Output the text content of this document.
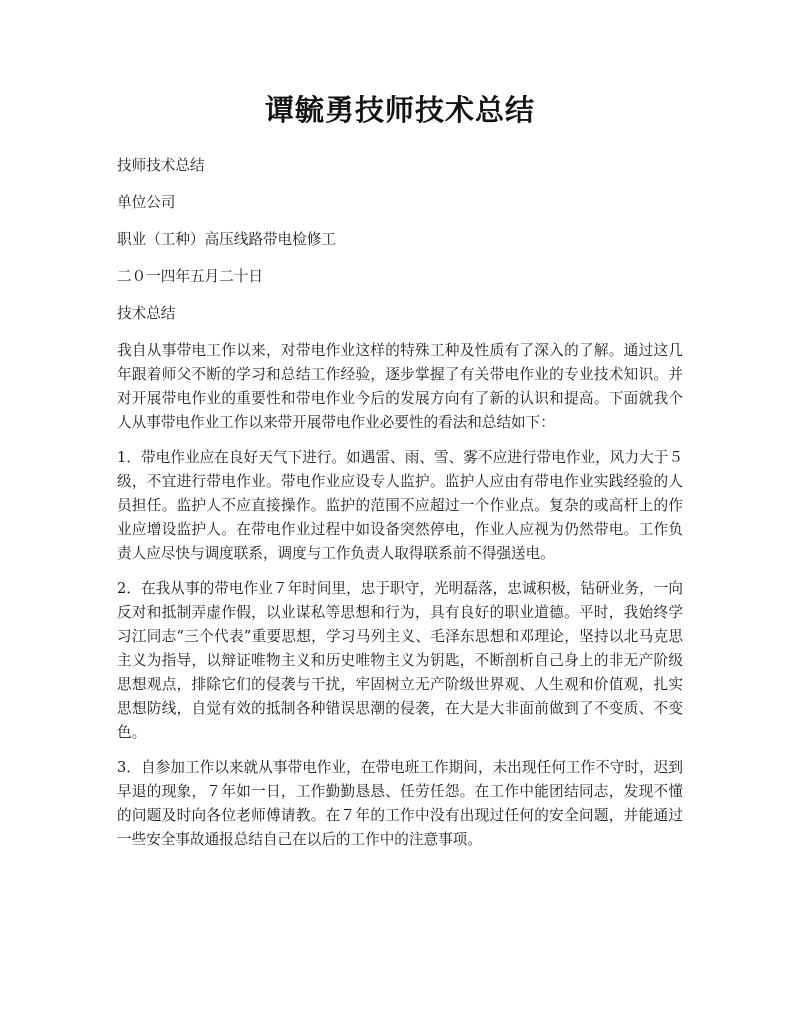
谭毓勇技师技术总结

技师技术总结

单位公司

职业（工种）高压线路带电检修工

二０一四年五月二十日

技术总结

我自从事带电工作以来，对带电作业这样的特殊工种及性质有了深入的了解。通过这几年跟着师父不断的学习和总结工作经验，逐步掌握了有关带电作业的专业技术知识。并对开展带电作业的重要性和带电作业今后的发展方向有了新的认识和提高。下面就我个人从事带电作业工作以来带开展带电作业必要性的看法和总结如下：

1．带电作业应在良好天气下进行。如遇雷、雨、雪、雾不应进行带电作业，风力大于５级，不宜进行带电作业。带电作业应设专人监护。监护人应由有带电作业实践经验的人员担任。监护人不应直接操作。监护的范围不应超过一个作业点。复杂的或高杆上的作业应增设监护人。在带电作业过程中如设备突然停电，作业人应视为仍然带电。工作负责人应尽快与调度联系，调度与工作负责人取得联系前不得强送电。

2．在我从事的带电作业７年时间里，忠于职守，光明磊落，忠诚积极，钻研业务，一向反对和抵制弄虚作假，以业谋私等思想和行为，具有良好的职业道德。平时，我始终学习江同志“三个代表”重要思想，学习马列主义、毛泽东思想和邓理论，坚持以北马克思主义为指导，以辩证唯物主义和历史唯物主义为钥匙，不断剖析自己身上的非无产阶级思想观点，排除它们的侵袭与干扰，牢固树立无产阶级世界观、人生观和价值观，扎实思想防线，自觉有效的抵制各种错误思潮的侵袭，在大是大非面前做到了不变质、不变色。

3．自参加工作以来就从事带电作业，在带电班工作期间，未出现任何工作不守时，迟到早退的现象，７年如一日，工作勤勤恳恳、任劳任怨。在工作中能团结同志，发现不懂的问题及时向各位老师傅请教。在７年的工作中没有出现过任何的安全问题，并能通过一些安全事故通报总结自己在以后的工作中的注意事项。
